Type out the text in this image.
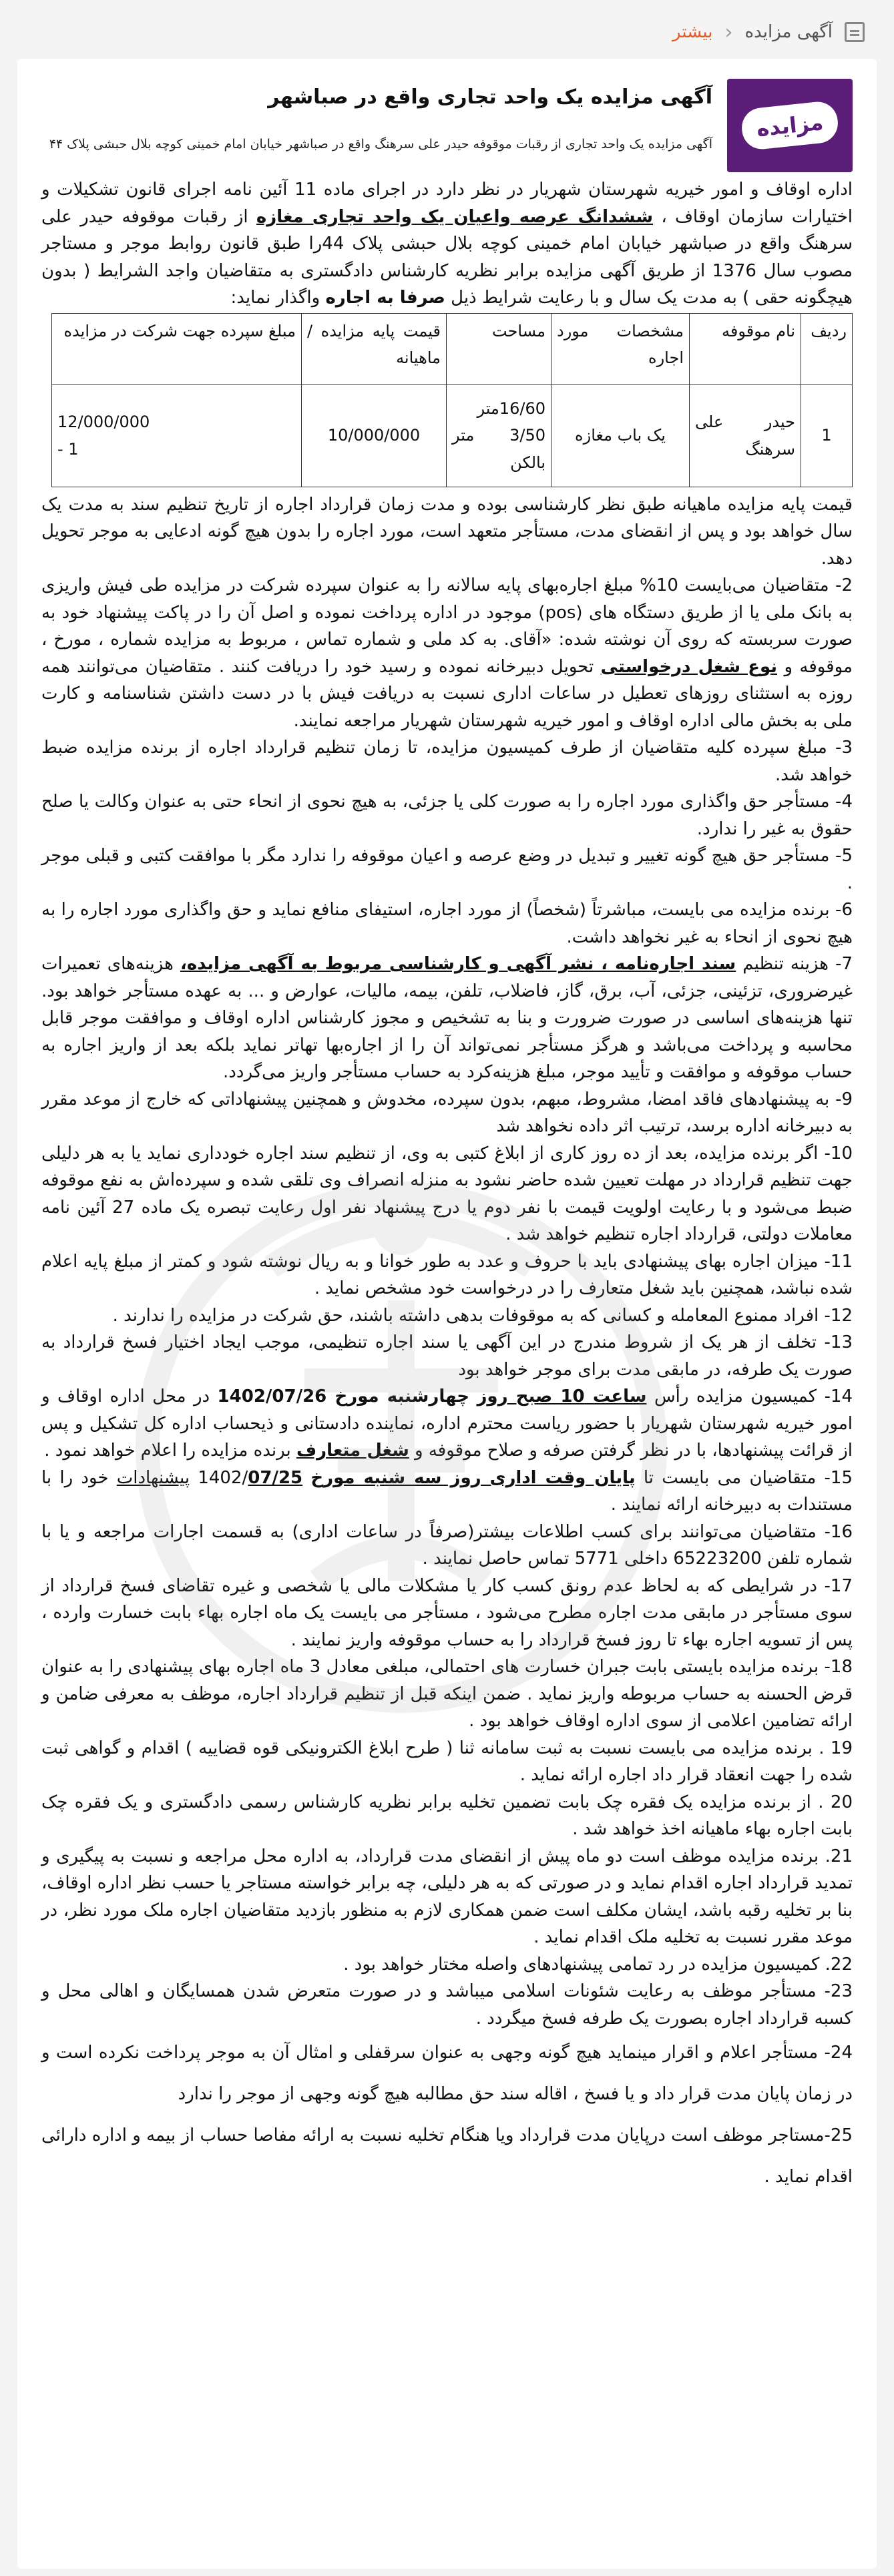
آگهی مزایده
‹
بیشتر
مزایده
آگهی مزایده یک واحد تجاری واقع در صباشهر
آگهی مزایده یک واحد تجاری از رقبات موقوفه حیدر علی سرهنگ واقع در صباشهر خیابان امام خمینی کوچه بلال حبشی پلاک ۴۴

اداره اوقاف و امور خیریه شهرستان شهریار در نظر دارد در اجرای ماده 11 آئین نامه اجرای قانون تشکیلات و اختیارات سازمان اوقاف ، ششدانگ عرصه واعیان یک واحد تجاری مغازه از رقبات موقوفه حیدر علی سرهنگ واقع در صباشهر خیابان امام خمینی کوچه بلال حبشی پلاک 44را طبق قانون روابط موجر و مستاجر مصوب سال 1376 از طریق آگهی مزایده برابر نظریه کارشناس دادگستری به متقاضیان واجد الشرایط ( بدون هیچگونه حقی ) به مدت یک سال و با رعایت شرایط ذیل صرفا به اجاره واگذار نماید:

ردیف	نام موقوفه	مشخصات مورد اجاره	مساحت	قیمت پایه مزایده /ماهیانه	مبلغ سپرده جهت شرکت در مزایده
1	حیدر علی سرهنگ	یک باب مغازه	16/60متر 3/50 متر بالکن	10/000/000	12/000/000
1 -

قیمت پایه مزایده ماهیانه طبق نظر کارشناسی بوده و مدت زمان قرارداد اجاره از تاریخ تنظیم سند به مدت یک سال خواهد بود و پس از انقضای مدت، مستأجر متعهد است، مورد اجاره را بدون هیچ گونه ادعایی به موجر تحویل دهد.

2- متقاضیان می‌بایست 10% مبلغ اجاره‌بهای پایه سالانه را به عنوان سپرده شرکت در مزایده طی فیش واریزی به بانک ملی یا از طریق دستگاه های (pos) موجود در اداره پرداخت نموده و اصل آن را در پاکت پیشنهاد خود به صورت سربسته که روی آن نوشته شده: «آقای. به کد ملی و شماره تماس ، مربوط به مزایده شماره ، مورخ ، موقوفه و نوع شغل درخواستی تحویل دبیرخانه نموده و رسید خود را دریافت کنند . متقاضیان می‌توانند همه روزه به استثنای روزهای تعطیل در ساعات اداری نسبت به دریافت فیش با در دست داشتن شناسنامه و کارت ملی به بخش مالی اداره اوقاف و امور خیریه شهرستان شهریار مراجعه نمایند.

3- مبلغ سپرده کلیه متقاضیان از طرف کمیسیون مزایده، تا زمان تنظیم قرارداد اجاره از برنده مزایده ضبط خواهد شد.

4- مستأجر حق واگذاری مورد اجاره را به صورت کلی یا جزئی، به هیچ نحوی از انحاء حتی به عنوان وکالت یا صلح حقوق به غیر را ندارد.

5- مستأجر حق هیچ گونه تغییر و تبدیل در وضع عرصه و اعیان موقوفه را ندارد مگر با موافقت کتبی و قبلی موجر .

6- برنده مزایده می بایست، مباشرتاً (شخصاً) از مورد اجاره، استیفای منافع نماید و حق واگذاری مورد اجاره را به هیچ نحوی از انحاء به غیر نخواهد داشت.

7- هزینه تنظیم سند اجاره‌نامه ، نشر آگهی و کارشناسی مربوط به آگهی مزایده، هزینه‌های تعمیرات غیرضروری، تزئینی، جزئی، آب، برق، گاز، فاضلاب، تلفن، بیمه، مالیات، عوارض و ... به عهده مستأجر خواهد بود. تنها هزینه‌های اساسی در صورت ضرورت و بنا به تشخیص و مجوز کارشناس اداره اوقاف و موافقت موجر قابل محاسبه و پرداخت می‌باشد و هرگز مستأجر نمی‌تواند آن را از اجاره‌بها تهاتر نماید بلکه بعد از واریز اجاره به حساب موقوفه و موافقت و تأیید موجر، مبلغ هزینه‌کرد به حساب مستأجر واریز می‌گردد.

9- به پیشنهادهای فاقد امضا، مشروط، مبهم، بدون سپرده، مخدوش و همچنین پیشنهاداتی که خارج از موعد مقرر به دبیرخانه اداره برسد، ترتیب اثر داده نخواهد شد

10- اگر برنده مزایده، بعد از ده روز کاری از ابلاغ کتبی به وی، از تنظیم سند اجاره خودداری نماید یا به هر دلیلی جهت تنظیم قرارداد در مهلت تعیین شده حاضر نشود به منزله انصراف وی تلقی شده و سپرده‌اش به نفع موقوفه ضبط می‌شود و با رعایت اولویت قیمت با نفر دوم یا درج پیشنهاد نفر اول رعایت تبصره یک ماده 27 آئین نامه معاملات دولتی، قرارداد اجاره تنظیم خواهد شد .

11- میزان اجاره بهای پیشنهادی باید با حروف و عدد به طور خوانا و به ریال نوشته شود و کمتر از مبلغ پایه اعلام شده نباشد، همچنین باید شغل متعارف را در درخواست خود مشخص نماید .

12- افراد ممنوع المعامله و کسانی که به موقوفات بدهی داشته باشند، حق شرکت در مزایده را ندارند .

13- تخلف از هر یک از شروط مندرج در این آگهی یا سند اجاره تنظیمی، موجب ایجاد اختیار فسخ قرارداد به صورت یک طرفه، در مابقی مدت برای موجر خواهد بود

14- کمیسیون مزایده رأس ساعت 10 صبح روز چهارشنبه مورخ 1402/07/26 در محل اداره اوقاف و امور خیریه شهرستان شهریار با حضور ریاست محترم اداره، نماینده دادستانی و ذیحساب اداره کل تشکیل و پس از قرائت پیشنهادها، با در نظر گرفتن صرفه و صلاح موقوفه و شغل متعارف برنده مزایده را اعلام خواهد نمود .

15- متقاضیان می بایست تا پایان وقت اداری روز سه شنبه مورخ 1402/07/25 پیشنهادات خود را با مستندات به دبیرخانه ارائه نمایند .

16- متقاضیان می‌توانند برای کسب اطلاعات بیشتر(صرفاً در ساعات اداری) به قسمت اجارات مراجعه و یا با شماره تلفن 65223200 داخلی 5771 تماس حاصل نمایند .

17- در شرایطی که به لحاظ عدم رونق کسب کار یا مشکلات مالی یا شخصی و غیره تقاضای فسخ قرارداد از سوی مستأجر در مابقی مدت اجاره مطرح می‌شود ، مستأجر می بایست یک ماه اجاره بهاء بابت خسارت وارده ، پس از تسویه اجاره بهاء تا روز فسخ قرارداد را به حساب موقوفه واریز نمایند .

18- برنده مزایده بایستی بابت جبران خسارت های احتمالی، مبلغی معادل 3 ماه اجاره بهای پیشنهادی را به عنوان قرض الحسنه به حساب مربوطه واریز نماید . ضمن اینکه قبل از تنظیم قرارداد اجاره، موظف به معرفی ضامن و ارائه تضامین اعلامی از سوی اداره اوقاف خواهد بود .

19 . برنده مزایده می بایست نسبت به ثبت سامانه ثنا ( طرح ابلاغ الکترونیکی قوه قضاییه ) اقدام و گواهی ثبت شده را جهت انعقاد قرار داد اجاره ارائه نماید .

20 . از برنده مزایده یک فقره چک بابت تضمین تخلیه برابر نظریه کارشناس رسمی دادگستری و یک فقره چک بابت اجاره بهاء ماهیانه اخذ خواهد شد .

21. برنده مزایده موظف است دو ماه پیش از انقضای مدت قرارداد، به اداره محل مراجعه و نسبت به پیگیری و تمدید قرارداد اجاره اقدام نماید و در صورتی که به هر دلیلی، چه برابر خواسته مستاجر یا حسب نظر اداره اوقاف، بنا بر تخلیه رقبه باشد، ایشان مکلف است ضمن همکاری لازم به منظور بازدید متقاضیان اجاره ملک مورد نظر، در موعد مقرر نسبت به تخلیه ملک اقدام نماید .

22. کمیسیون مزایده در رد تمامی پیشنهادهای واصله مختار خواهد بود .

23- مستأجر موظف به رعایت شئونات اسلامی میباشد و در صورت متعرض شدن همسایگان و اهالی محل و کسبه قرارداد اجاره بصورت یک طرفه فسخ میگردد .

24- مستأجر اعلام و اقرار مینماید هیچ گونه وجهی به عنوان سرقفلی و امثال آن به موجر پرداخت نکرده است و در زمان پایان مدت قرار داد و یا فسخ ، اقاله سند حق مطالبه هیچ گونه وجهی از موجر را ندارد

25-مستاجر موظف است درپایان مدت قرارداد ویا هنگام تخلیه نسبت به ارائه مفاصا حساب از بیمه و اداره دارائی اقدام نماید .
